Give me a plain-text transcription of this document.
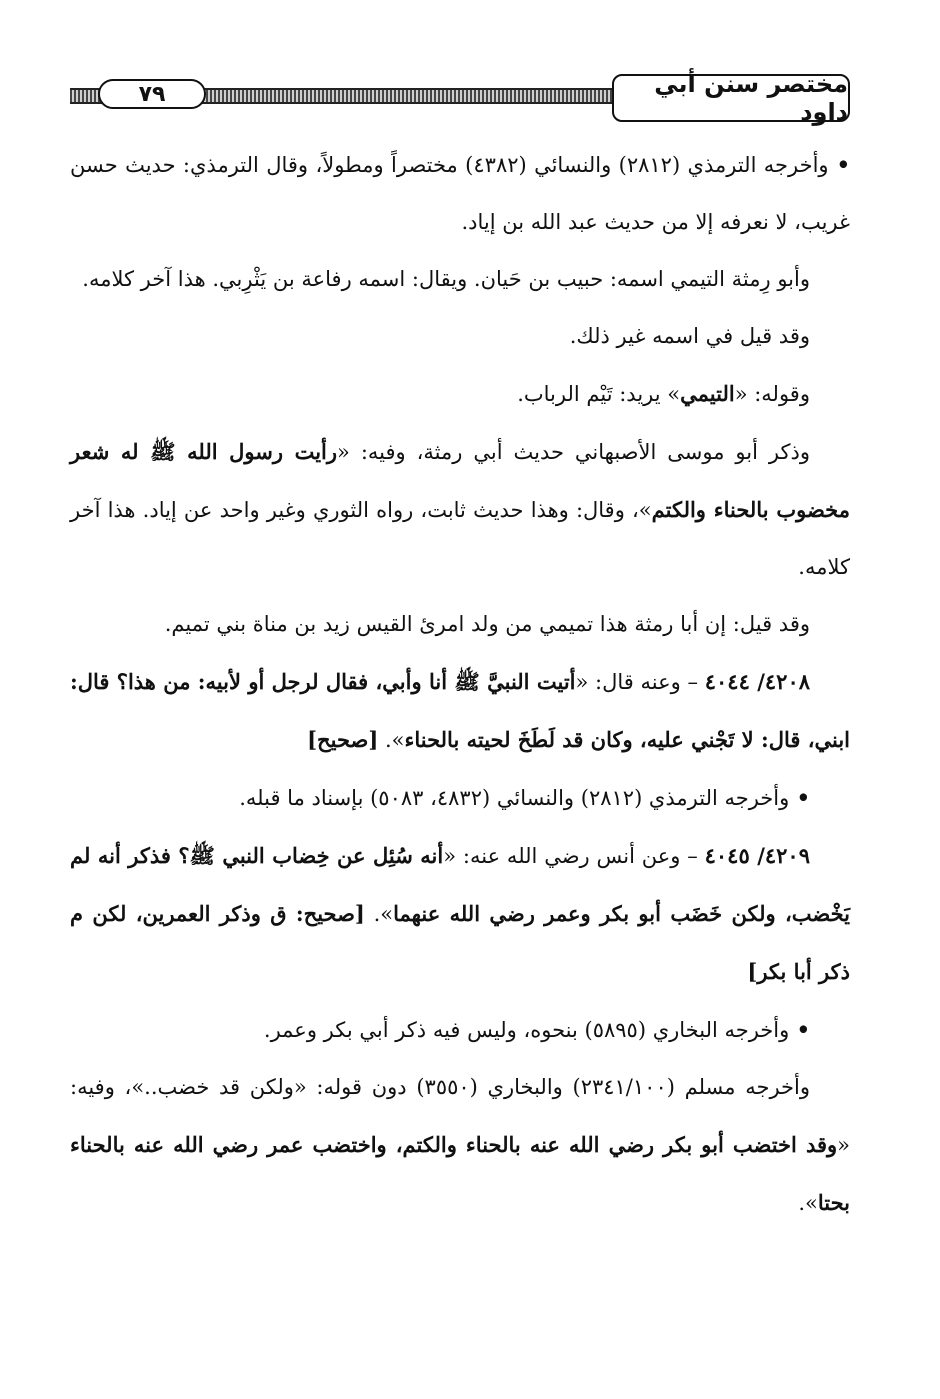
٧٩	مختصر سنن أبي داود

• وأخرجه الترمذي (٢٨١٢) والنسائي (٤٣٨٢) مختصراً ومطولاً، وقال الترمذي: حديث حسن غريب، لا نعرفه إلا من حديث عبد الله بن إياد.

وأبو رِمثة التيمي اسمه: حبيب بن حَيان. ويقال: اسمه رفاعة بن يَثْرِبي. هذا آخر كلامه.

وقد قيل في اسمه غير ذلك.

وقوله: «التيمي» يريد: تَيْم الرباب.

وذكر أبو موسى الأصبهاني حديث أبي رمثة، وفيه: «رأيت رسول الله ﷺ له شعر مخضوب بالحناء والكتم»، وقال: وهذا حديث ثابت، رواه الثوري وغير واحد عن إياد. هذا آخر كلامه.

وقد قيل: إن أبا رمثة هذا تميمي من ولد امرئ القيس زيد بن مناة بني تميم.

٤٢٠٨/ ٤٠٤٤ – وعنه قال: «أتيت النبيَّ ﷺ أنا وأبي، فقال لرجل أو لأبيه: من هذا؟ قال: ابني، قال: لا تَجْني عليه، وكان قد لَطَخَ لحيته بالحناء». [صحيح]

• وأخرجه الترمذي (٢٨١٢) والنسائي (٤٨٣٢، ٥٠٨٣) بإسناد ما قبله.

٤٢٠٩/ ٤٠٤٥ – وعن أنس رضي الله عنه: «أنه سُئِل عن خِضاب النبي ﷺ؟ فذكر أنه لم يَخْضب، ولكن خَضَب أبو بكر وعمر رضي الله عنهما». [صحيح: ق وذكر العمرين، لكن م ذكر أبا بكر]

• وأخرجه البخاري (٥٨٩٥) بنحوه، وليس فيه ذكر أبي بكر وعمر.

وأخرجه مسلم (٢٣٤١/١٠٠) والبخاري (٣٥٥٠) دون قوله: «ولكن قد خضب..»، وفيه: «وقد اختضب أبو بكر رضي الله عنه بالحناء والكتم، واختضب عمر رضي الله عنه بالحناء بحتا».
